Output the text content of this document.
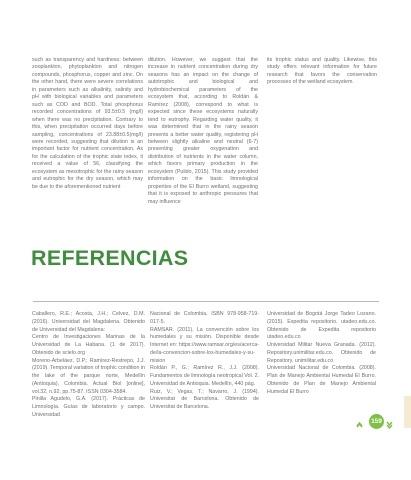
such as transparency and hardness; between zooplankton, phytoplankton and nitrogen compounds, phosphorus, copper and zinc. On the other hand, there were severe correlations in parameters such as alkalinity, salinity and pH with biological variables and parameters such as COD and BOD. Total phosphorus recorded concentrations of 93.5±0.5 (mg/l) when there was no precipitation. Contrary to this, when precipitation occurred days before sampling, concentrations of 23.88±0.5(mg/l) were recorded, suggesting that dilution is an important factor for nutrient concentration. As for the calculation of the trophic state index, it received a value of 56, classifying the ecosystem as mesotrophic for the rainy season and eutrophic for the dry season, which may be due to the aforementioned nutrient

dilution. However, we suggest that the increase in nutrient concentration during dry seasons has an impact on the change of autotrophic and biological and hydrobiochemical parameters of the ecosystem that, according to Roldán & Ramírez (2008), correspond to what is expected since these ecosystems naturally tend to eutrophy. Regarding water quality, it was determined that in the rainy season presents a better water quality, registering pH between slightly alkaline and neutral (6-7) presenting greater oxygenation and distribution of nutrients in the water column, which favors primary production in the ecosystem (Pulido, 2015). This study provided information on the basic limnological properties of the El Burro wetland, suggesting that it is exposed to anthropic pressures that may influence

its trophic status and quality. Likewise, this study offers relevant information for future research that favors the conservation processes of the wetland ecosystem.

REFERENCIAS
Caballero, R.E.; Acosta, J.H.; Celvez, D.M. (2016). Universidad del Magdalena. Obtenido de Universidad del Magdalena:
Centro de Investigaciones Marinas de la Universidad de La Habana. (1 de 2017). Obtenido de scielo.org
Moreno-Arbeláez, D.P.; Ramírez-Restrepo, J.J. (2019). Temporal variation of trophic condition in the lake of the parque norte, Medellín (Antioquia), Colombia. Actual Biol [online], vol.32, n.92, pp.75-87. ISSN 0304-3584.
Pinilla Agudelo, G.A. (2017). Prácticas de Limnología. Guías de laboratorio y campo. Universidad
Nacional de Colombia, ISBN 978-958-719-017-5.
RAMSAR. (2011). La convención sobre los humedales y su misión. Disponible desde Internet en: https://www.ramsar.org/es/acerca-de/la-convencion-sobre-los-humedales-y-su-mision
Roldán P., G.; Ramírez R., J.J. (2008). Fundamentos de limnología neotropical Vol. 2. Universidad de Antioquia. Medellín, 440 pág.
Ruiz, V.; Vegas, T.; Navarro, J. (1994). Universitat de Barcelona. Obtenido de Universitat de Barcelona.
Universidad de Bogotá Jorge Tadeo Lozano. (2015). Expedita repositorio. utadeo.edu.co. Obtenido de Expedita repositorio utadeo.edu.co
Universidad Militar Nueva Granada. (2012). Repository.unimilitar.edu.co. Obtenido de Repository. unimilitar.edu.co
Universidad Nacional de Colombia. (2008). Plan de Manejo Ambiental Humedal El Burro. Obtenido de Plan de Manejo Ambiental Humedal El Burro
159
